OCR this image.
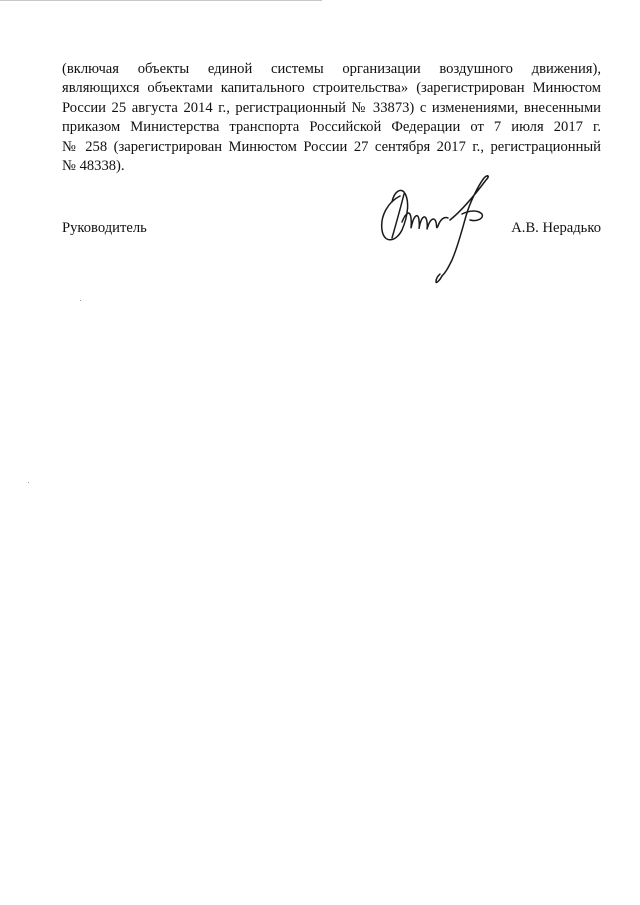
(включая объекты единой системы организации воздушного движения),
являющихся объектами капитального строительства» (зарегистрирован Минюстом
России 25 августа 2014 г., регистрационный № 33873) с изменениями, внесенными
приказом Министерства транспорта Российской Федерации от 7 июля 2017 г.
№ 258 (зарегистрирован Минюстом России 27 сентября 2017 г., регистрационный
№ 48338).
Руководитель	А.В. Нерадько
